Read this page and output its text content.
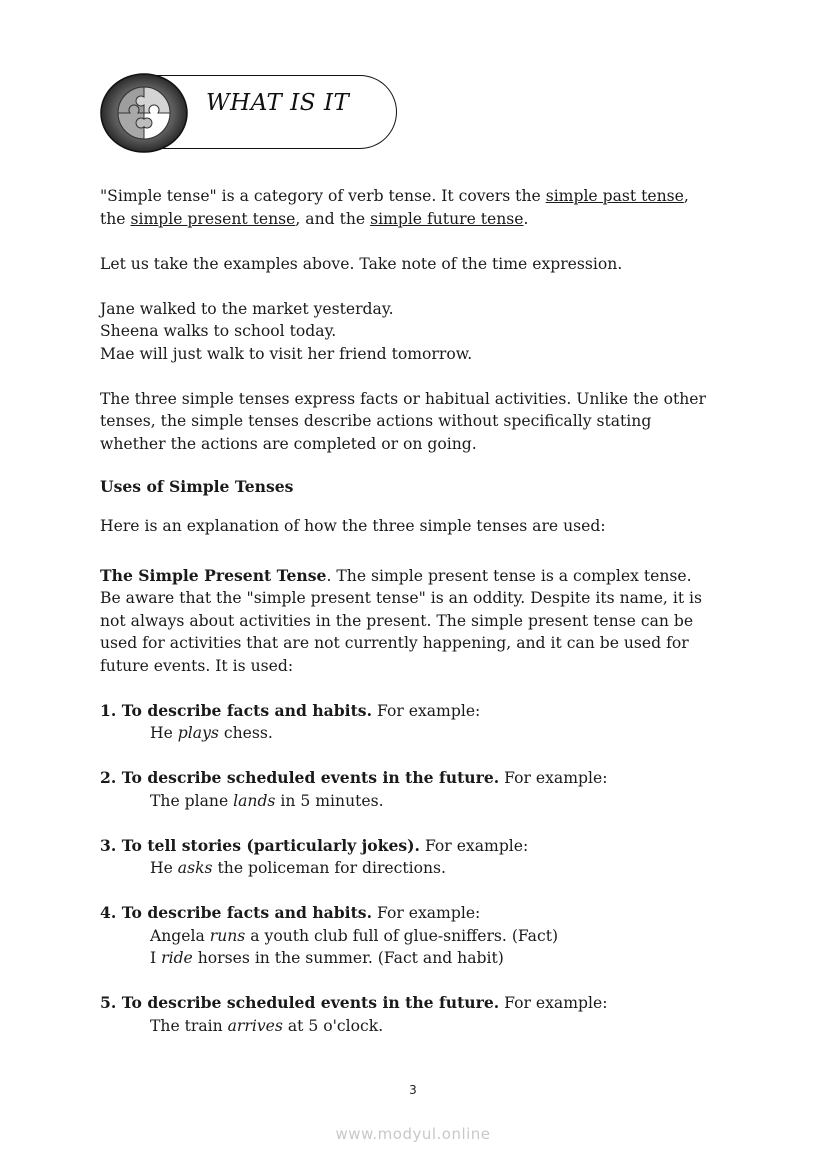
WHAT IS IT
"Simple tense" is a category of verb tense. It covers the simple past tense,
the simple present tense, and the simple future tense.
Let us take the examples above. Take note of the time expression.
Jane walked to the market yesterday.
Sheena walks to school today.
Mae will just walk to visit her friend tomorrow.
The three simple tenses express facts or habitual activities. Unlike the other
tenses, the simple tenses describe actions without specifically stating
whether the actions are completed or on going.
Uses of Simple Tenses
Here is an explanation of how the three simple tenses are used:
The Simple Present Tense. The simple present tense is a complex tense.
Be aware that the "simple present tense" is an oddity. Despite its name, it is
not always about activities in the present. The simple present tense can be
used for activities that are not currently happening, and it can be used for
future events. It is used:
1. To describe facts and habits. For example:
He plays chess.
2. To describe scheduled events in the future. For example:
The plane lands in 5 minutes.
3. To tell stories (particularly jokes). For example:
He asks the policeman for directions.
4. To describe facts and habits. For example:
Angela runs a youth club full of glue-sniffers. (Fact)
I ride horses in the summer. (Fact and habit)
5. To describe scheduled events in the future. For example:
The train arrives at 5 o'clock.
3
www.modyul.online
